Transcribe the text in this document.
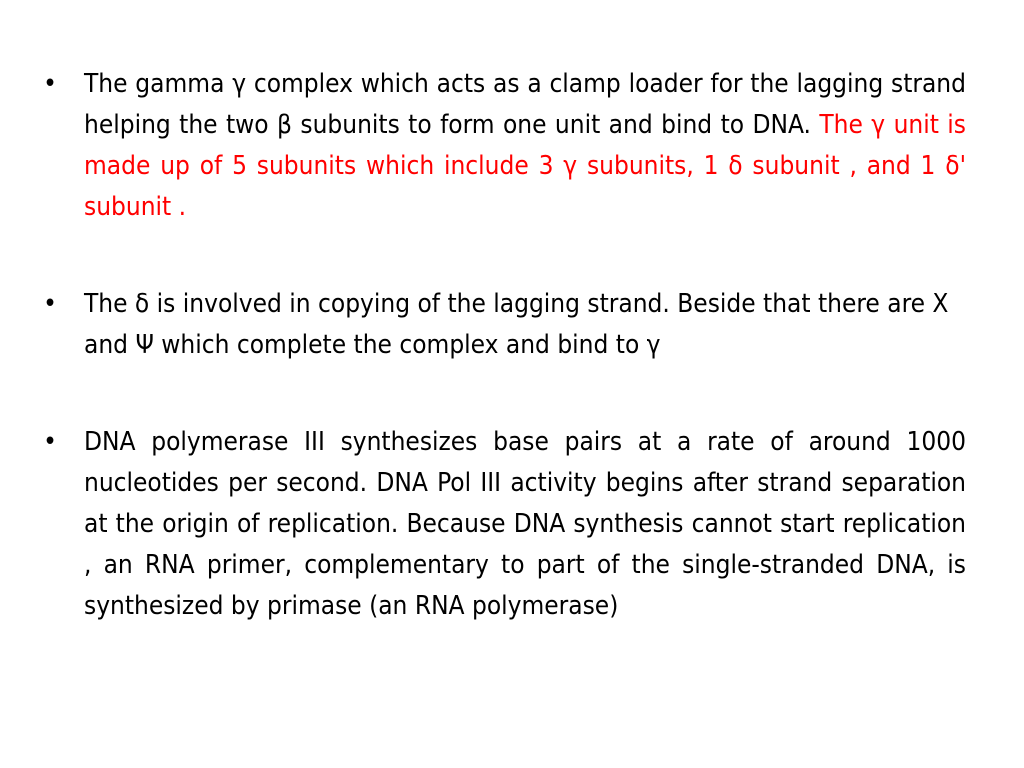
• The gamma γ complex which acts as a clamp loader for the lagging strand helping the two β subunits to form one unit and bind to DNA. The γ unit is made up of 5 subunits which include 3 γ subunits, 1 δ subunit , and 1 δ' subunit .
• The δ is involved in copying of the lagging strand. Beside that there are X and Ψ which complete the complex and bind to γ
• DNA polymerase III synthesizes base pairs at a rate of around 1000 nucleotides per second. DNA Pol III activity begins after strand separation at the origin of replication. Because DNA synthesis cannot start replication , an RNA primer, complementary to part of the single-stranded DNA, is synthesized by primase (an RNA polymerase)
